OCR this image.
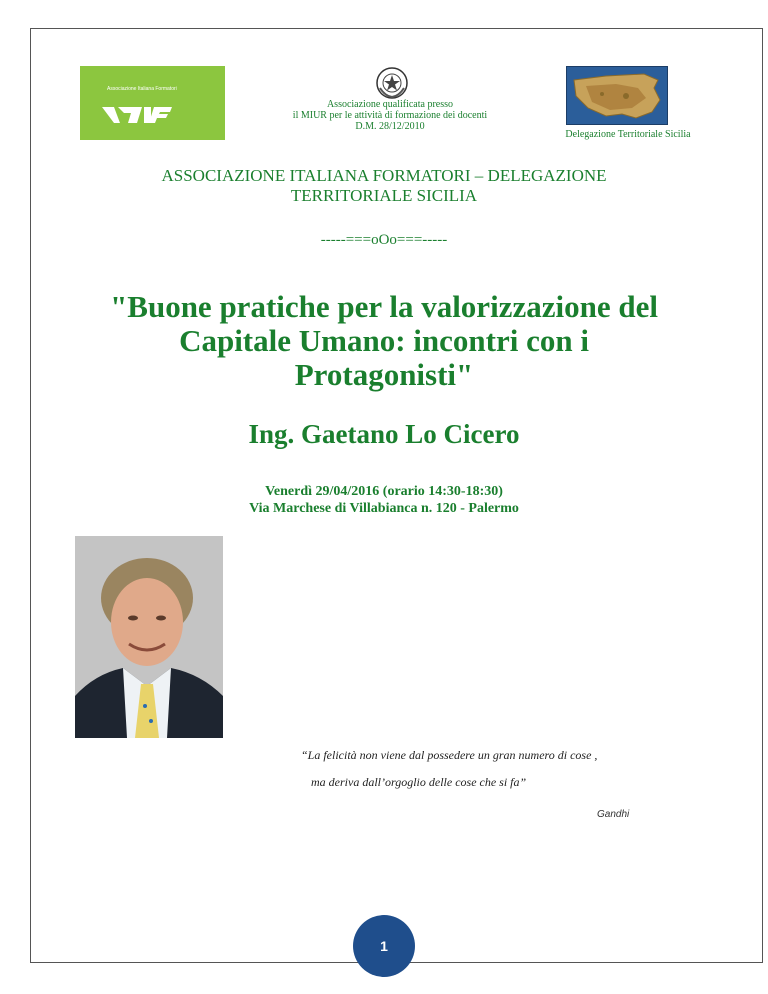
Associazione Italiana Formatori
Associazione qualificata presso
il MIUR per le attività di formazione dei docenti
D.M. 28/12/2010
Delegazione Territoriale Sicilia
ASSOCIAZIONE ITALIANA FORMATORI – DELEGAZIONE
TERRITORIALE SICILIA
-----===oOo===-----
"Buone pratiche per la valorizzazione del
Capitale Umano: incontri con i
Protagonisti"
Ing. Gaetano Lo Cicero
Venerdì 29/04/2016 (orario 14:30-18:30)
Via Marchese di Villabianca n. 120 - Palermo
“La felicità non viene dal possedere un gran numero di cose ,
ma deriva dall’orgoglio delle cose che si fa”
Gandhi
1
